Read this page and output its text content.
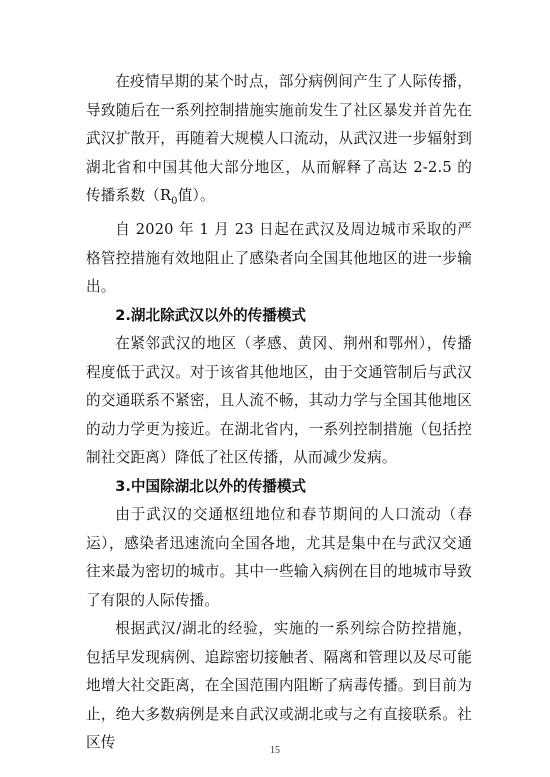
在疫情早期的某个时点，部分病例间产生了人际传播，导致随后在一系列控制措施实施前发生了社区暴发并首先在武汉扩散开，再随着大规模人口流动，从武汉进一步辐射到湖北省和中国其他大部分地区，从而解释了高达 2-2.5 的传播系数（$R_0$值）。

自 2020 年 1 月 23 日起在武汉及周边城市采取的严格管控措施有效地阻止了感染者向全国其他地区的进一步输出。

2.湖北除武汉以外的传播模式

在紧邻武汉的地区（孝感、黄冈、荆州和鄂州），传播程度低于武汉。对于该省其他地区，由于交通管制后与武汉的交通联系不紧密，且人流不畅，其动力学与全国其他地区的动力学更为接近。在湖北省内，一系列控制措施（包括控制社交距离）降低了社区传播，从而减少发病。

3.中国除湖北以外的传播模式

由于武汉的交通枢纽地位和春节期间的人口流动（春运），感染者迅速流向全国各地，尤其是集中在与武汉交通往来最为密切的城市。其中一些输入病例在目的地城市导致了有限的人际传播。

根据武汉/湖北的经验，实施的一系列综合防控措施，包括早发现病例、追踪密切接触者、隔离和管理以及尽可能地增大社交距离，在全国范围内阻断了病毒传播。到目前为止，绝大多数病例是来自武汉或湖北或与之有直接联系。社区传	15
